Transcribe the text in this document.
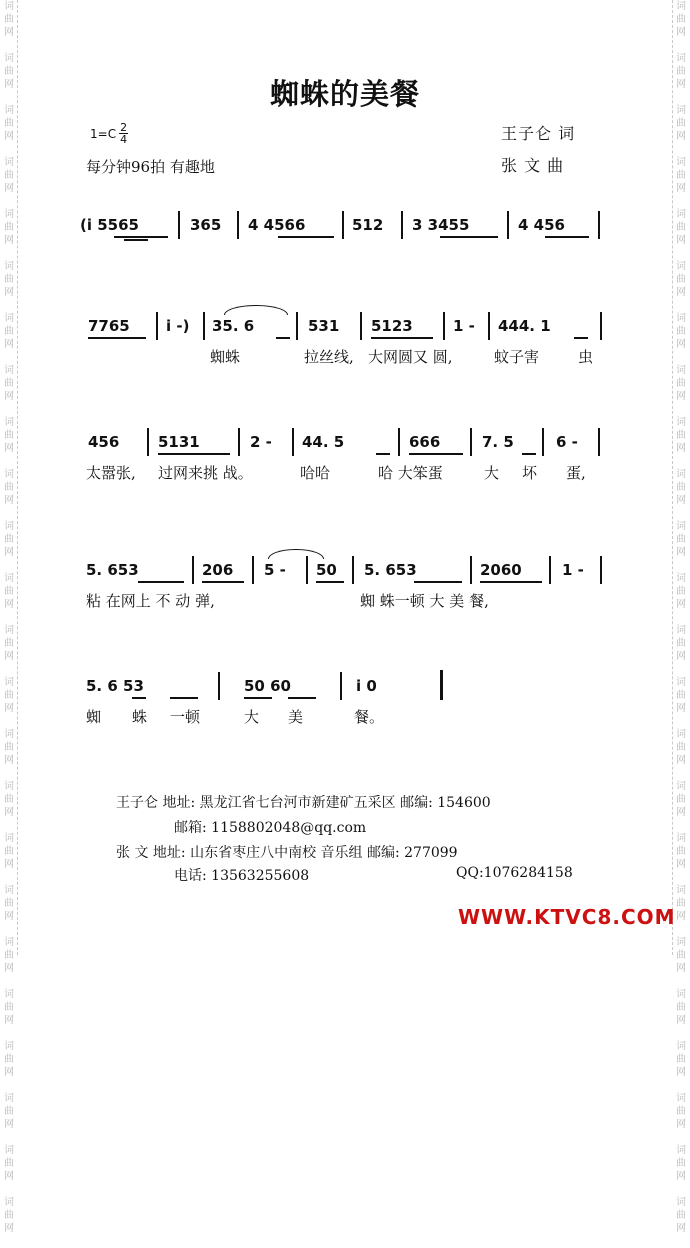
词
曲
网

词
曲
网

词
曲
网

词
曲
网

词
曲
网

词
曲
网

词
曲
网

词
曲
网

词
曲
网

词
曲
网

词
曲
网

词
曲
网

词
曲
网

词
曲
网

词
曲
网

词
曲
网

词
曲
网

词
曲
网

词
曲
网

词
曲
网

词
曲
网

词
曲
网

词
曲
网

词
曲
网

词
曲
网

词
曲
网

词
曲
网

词
曲
网

词
曲
网

词
曲
网

词
曲
网

词
曲
网

词
曲
网

词
曲
网

词
曲
网

词
曲
网

词
曲
网

词
曲
网

词
曲
网

词
曲
网

词
曲
网

词
曲
网

词
曲
网

词
曲
网

词
曲
网

词
曲
网

词
曲
网

词
曲
网

蜘蛛的美餐
$1=C \frac{2}{4}$
每分钟96拍 有趣地
王子仑 词
张 文 曲
(i 5565	365 4 4566	512 3 3455	4 456
7765 i -) 35. 6	531 5123	1 - 444. 1
蜘蛛	拉丝线, 大网圆又 圆,	蚊子害	虫
456	5131	2 - 44. 5	666	7. 5	6 -
太嚣张, 过网来挑 战。	哈哈	哈 大笨蛋	大 坏 蛋,
5. 653	206 5 - 50 5. 653	2060	1 -
粘 在网上 不 动 弹,	蜘 蛛一顿 大 美 餐,
5. 6 53	50 60	i 0
蜘 蛛 一顿	大 美	餐。
王子仑 地址: 黑龙江省七台河市新建矿五采区 邮编: 154600
邮箱: 1158802048@qq.com
张 文 地址: 山东省枣庄八中南校 音乐组 邮编: 277099
电话: 13563255608	QQ:1076284158
WWW.KTVC8.COM
